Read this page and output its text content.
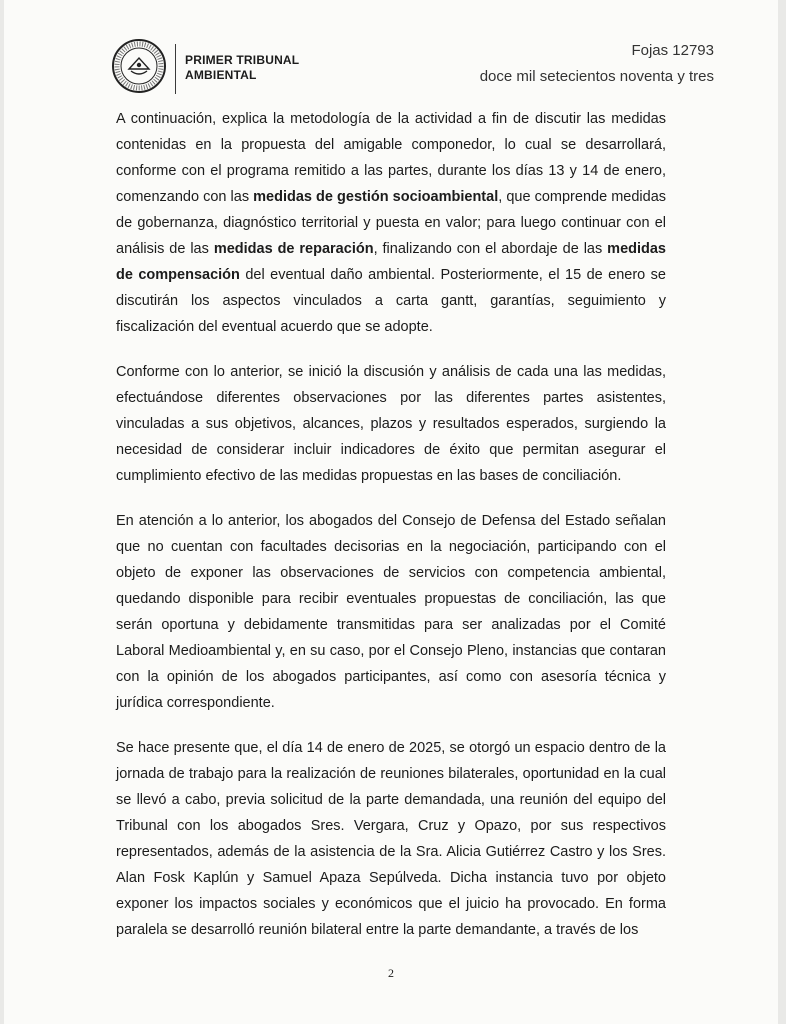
PRIMER TRIBUNAL
AMBIENTAL
Fojas 12793
doce mil setecientos noventa y tres

A continuación, explica la metodología de la actividad a fin de discutir las medidas contenidas en la propuesta del amigable componedor, lo cual se desarrollará, conforme con el programa remitido a las partes, durante los días 13 y 14 de enero, comenzando con las medidas de gestión socioambiental, que comprende medidas de gobernanza, diagnóstico territorial y puesta en valor; para luego continuar con el análisis de las medidas de reparación, finalizando con el abordaje de las medidas de compensación del eventual daño ambiental. Posteriormente, el 15 de enero se discutirán los aspectos vinculados a carta gantt, garantías, seguimiento y fiscalización del eventual acuerdo que se adopte.

Conforme con lo anterior, se inició la discusión y análisis de cada una las medidas, efectuándose diferentes observaciones por las diferentes partes asistentes, vinculadas a sus objetivos, alcances, plazos y resultados esperados, surgiendo la necesidad de considerar incluir indicadores de éxito que permitan asegurar el cumplimiento efectivo de las medidas propuestas en las bases de conciliación.

En atención a lo anterior, los abogados del Consejo de Defensa del Estado señalan que no cuentan con facultades decisorias en la negociación, participando con el objeto de exponer las observaciones de servicios con competencia ambiental, quedando disponible para recibir eventuales propuestas de conciliación, las que serán oportuna y debidamente transmitidas para ser analizadas por el Comité Laboral Medioambiental y, en su caso, por el Consejo Pleno, instancias que contaran con la opinión de los abogados participantes, así como con asesoría técnica y jurídica correspondiente.

Se hace presente que, el día 14 de enero de 2025, se otorgó un espacio dentro de la jornada de trabajo para la realización de reuniones bilaterales, oportunidad en la cual se llevó a cabo, previa solicitud de la parte demandada, una reunión del equipo del Tribunal con los abogados Sres. Vergara, Cruz y Opazo, por sus respectivos representados, además de la asistencia de la Sra. Alicia Gutiérrez Castro y los Sres. Alan Fosk Kaplún y Samuel Apaza Sepúlveda. Dicha instancia tuvo por objeto exponer los impactos sociales y económicos que el juicio ha provocado. En forma paralela se desarrolló reunión bilateral entre la parte demandante, a través de los

2
